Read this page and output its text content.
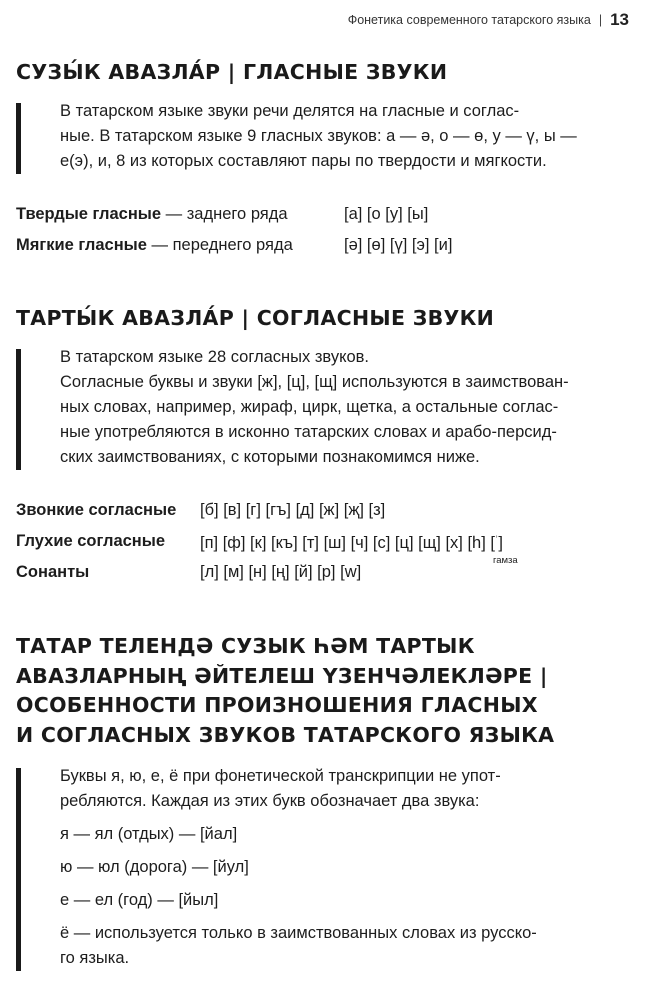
Фонетика современного татарского языка | 13
СУЗЫ́К АВАЗЛА́Р | ГЛАСНЫЕ ЗВУКИ

В татарском языке звуки речи делятся на гласные и соглас-
ные. В татарском языке 9 гласных звуков: а — ә, о — ө, у — ү, ы —
е(э), и, 8 из которых составляют пары по твердости и мягкости.

Твердые гласные — заднего ряда	[а] [о [у] [ы]
Мягкие гласные — переднего ряда	[ә] [ө] [ү] [э] [и]
ТАРТЫ́К АВАЗЛА́Р | СОГЛАСНЫЕ ЗВУКИ

В татарском языке 28 согласных звуков.
Согласные буквы и звуки [ж], [ц], [щ] используются в заимствован-
ных словах, например, жираф, цирк, щетка, а остальные соглас-
ные употребляются в исконно татарских словах и арабо-персид-
ских заимствованиях, с которыми познакомимся ниже.

Звонкие согласные [б] [в] [г] [гъ] [д] [ж] [җ] [з]
Глухие согласные [п] [ф] [к] [къ] [т] [ш] [ч] [с] [ц] [щ] [х] [һ] [$^ʾ$]
Сонанты	[л] [м] [н] [ң] [й] [р] [w]
гамза
ТАТАР ТЕЛЕНДӘ СУЗЫК ҺӘМ ТАРТЫК
АВАЗЛАРНЫҢ ӘЙТЕЛЕШ ҮЗЕНЧӘЛЕКЛӘРЕ |
ОСОБЕННОСТИ ПРОИЗНОШЕНИЯ ГЛАСНЫХ
И СОГЛАСНЫХ ЗВУКОВ ТАТАРСКОГО ЯЗЫКА

Буквы я, ю, е, ё при фонетической транскрипции не упот-
ребляются. Каждая из этих букв обозначает два звука:

я — ял (отдых) — [йал]
ю — юл (дорога) — [йул]
е — ел (год) — [йыл]

ё — используется только в заимствованных словах из русско-
го языка.
